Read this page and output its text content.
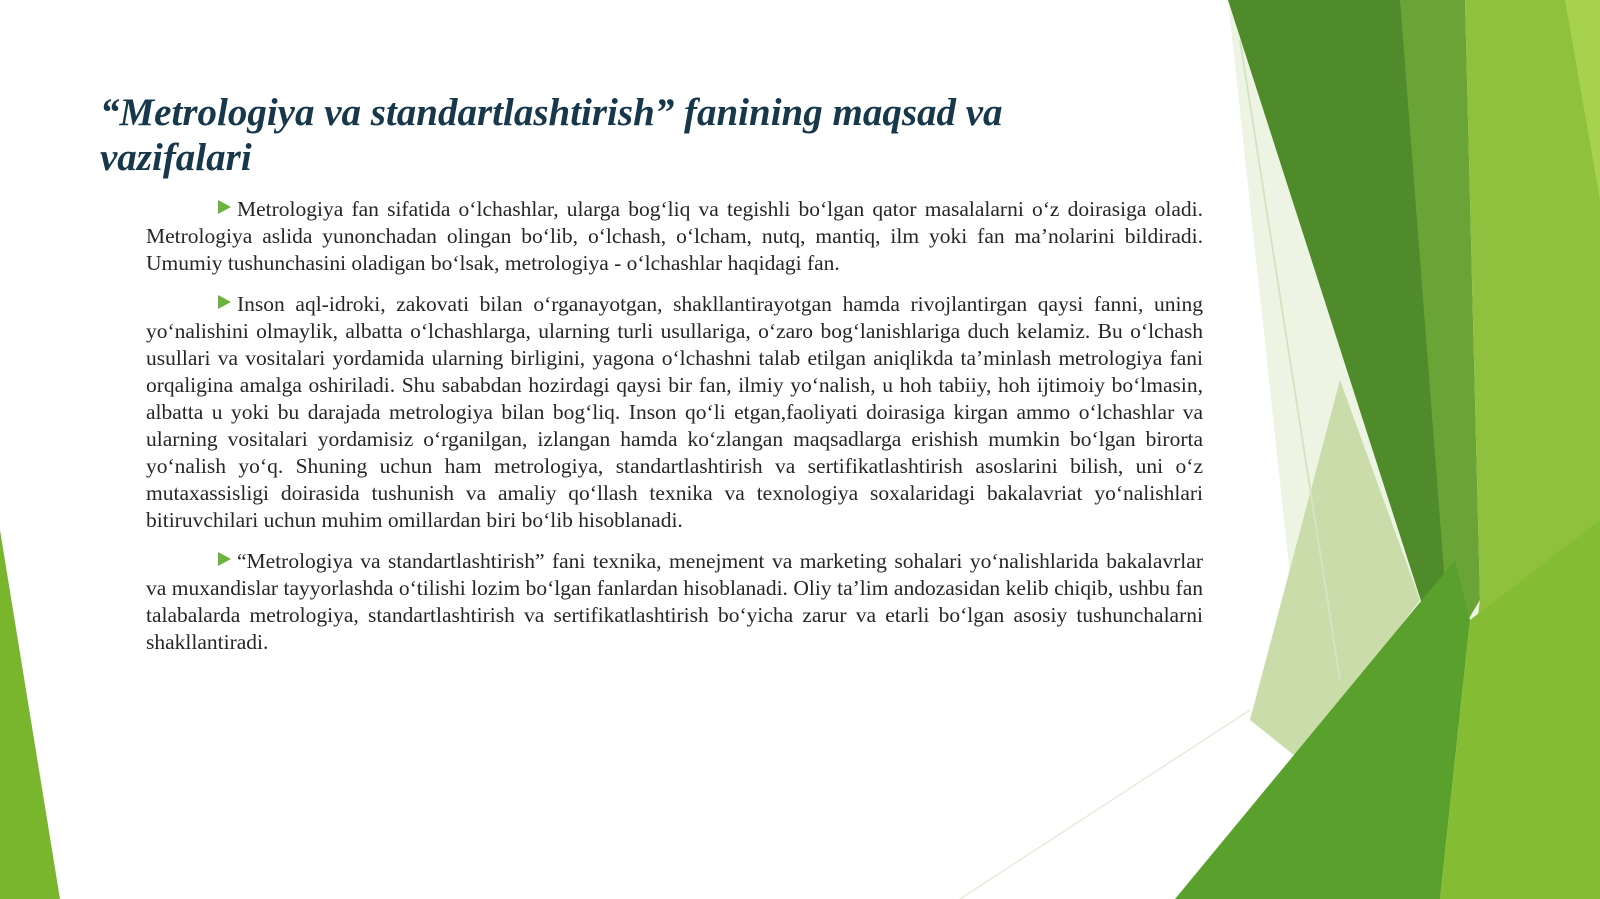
“Metrologiya va standartlashtirish” fanining maqsad va vazifalari

Metrologiya fan sifatida o‘lchashlar, ularga bog‘liq va tegishli bo‘lgan qator masalalarni o‘z doirasiga oladi. Metrologiya aslida yunonchadan olingan bo‘lib, o‘lchash, o‘lcham, nutq, mantiq, ilm yoki fan ma’nolarini bildiradi. Umumiy tushunchasini oladigan bo‘lsak, metrologiya - o‘lchashlar haqidagi fan.

Inson aql-idroki, zakovati bilan o‘rganayotgan, shakllantirayotgan hamda rivojlantirgan qaysi fanni, uning yo‘nalishini olmaylik, albatta o‘lchashlarga, ularning turli usullariga, o‘zaro bog‘lanishlariga duch kelamiz. Bu o‘lchash usullari va vositalari yordamida ularning birligini, yagona o‘lchashni talab etilgan aniqlikda ta’minlash metrologiya fani orqaligina amalga oshiriladi. Shu sababdan hozirdagi qaysi bir fan, ilmiy yo‘nalish, u hoh tabiiy, hoh ijtimoiy bo‘lmasin, albatta u yoki bu darajada metrologiya bilan bog‘liq. Inson qo‘li etgan,faoliyati doirasiga kirgan ammo o‘lchashlar va ularning vositalari yordamisiz o‘rganilgan, izlangan hamda ko‘zlangan maqsadlarga erishish mumkin bo‘lgan birorta yo‘nalish yo‘q. Shuning uchun ham metrologiya, standartlashtirish va sertifikatlashtirish asoslarini bilish, uni o‘z mutaxassisligi doirasida tushunish va amaliy qo‘llash texnika va texnologiya soxalaridagi bakalavriat yo‘nalishlari bitiruvchilari uchun muhim omillardan biri bo‘lib hisoblanadi.

“Metrologiya va standartlashtirish” fani texnika, menejment va marketing sohalari yo‘nalishlarida bakalavrlar va muxandislar tayyorlashda o‘tilishi lozim bo‘lgan fanlardan hisoblanadi. Oliy ta’lim andozasidan kelib chiqib, ushbu fan talabalarda metrologiya, standartlashtirish va sertifikatlashtirish bo‘yicha zarur va etarli bo‘lgan asosiy tushunchalarni shakllantiradi.
